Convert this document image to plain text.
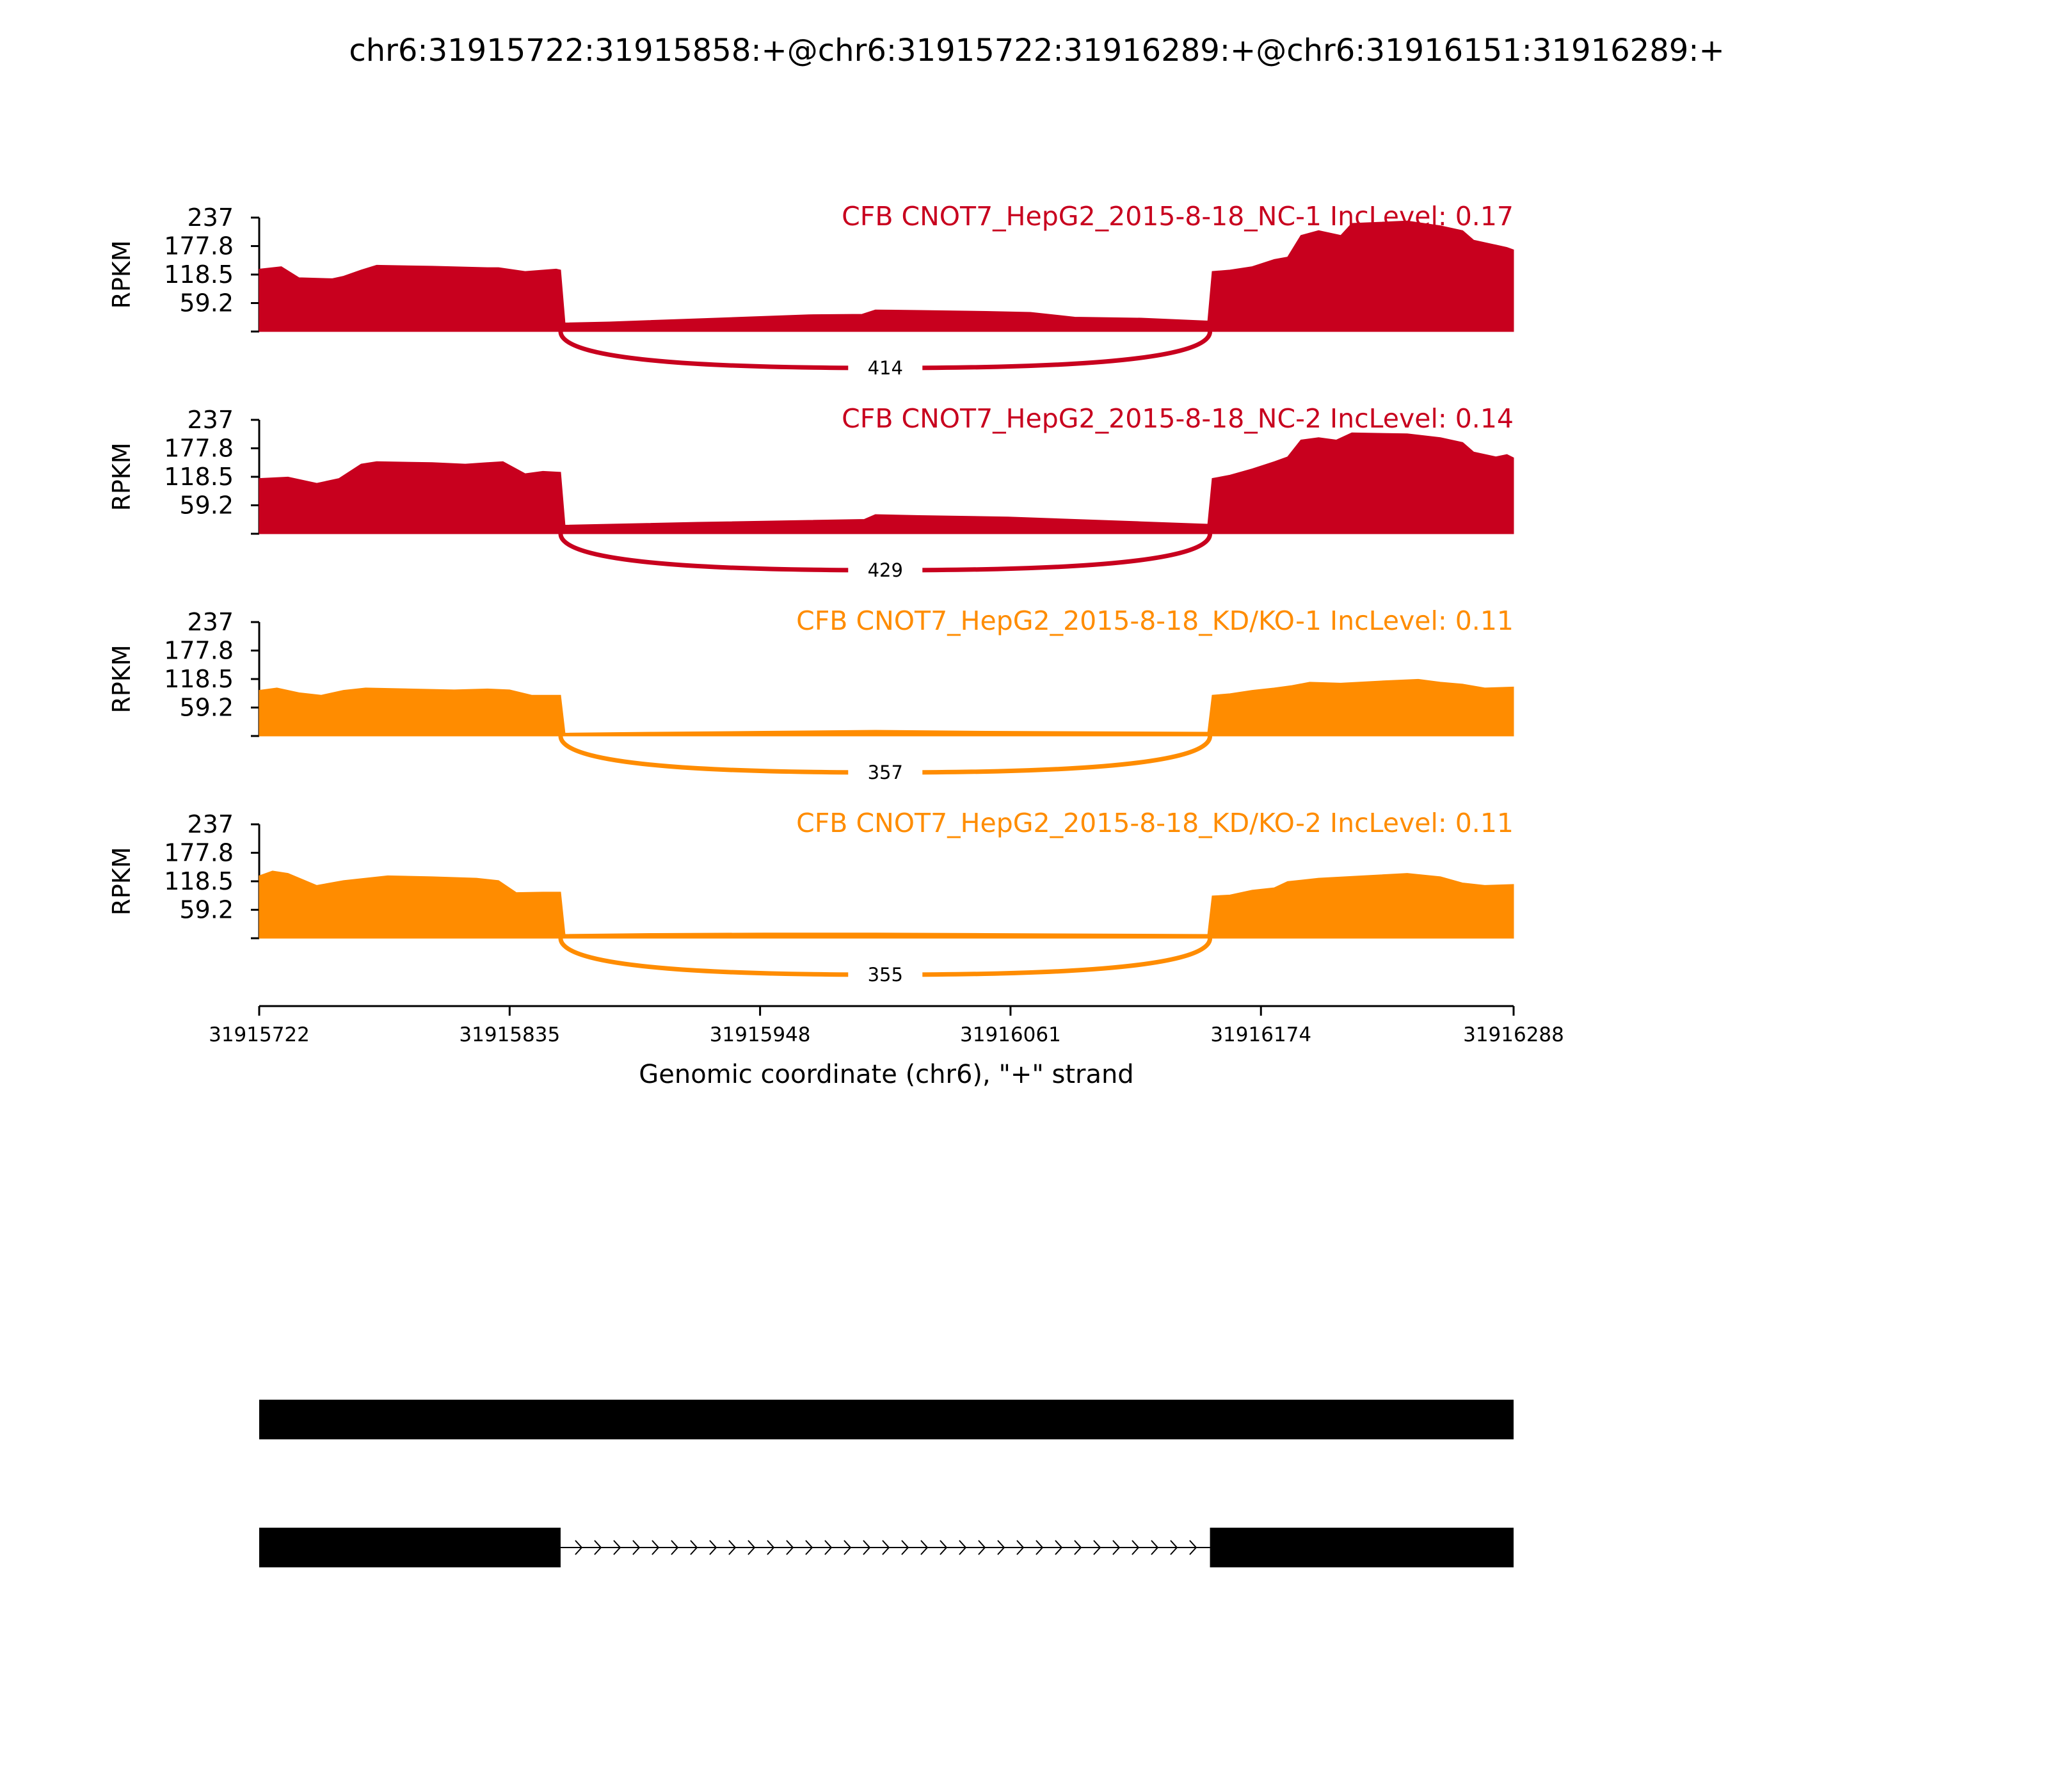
chr6:31915722:31915858:+@chr6:31915722:31916289:+@chr6:31916151:31916289:+
59.2
118.5
177.8
237
RPKM
414
CFB CNOT7_HepG2_2015-8-18_NC-1 IncLevel: 0.17
59.2
118.5
177.8
237
RPKM
429
CFB CNOT7_HepG2_2015-8-18_NC-2 IncLevel: 0.14
59.2
118.5
177.8
237
RPKM
357
CFB CNOT7_HepG2_2015-8-18_KD/KO-1 IncLevel: 0.11
59.2
118.5
177.8
237
RPKM
355
CFB CNOT7_HepG2_2015-8-18_KD/KO-2 IncLevel: 0.11
31915722	31915835	31915948	31916061	31916174	31916288
Genomic coordinate (chr6), "+" strand
